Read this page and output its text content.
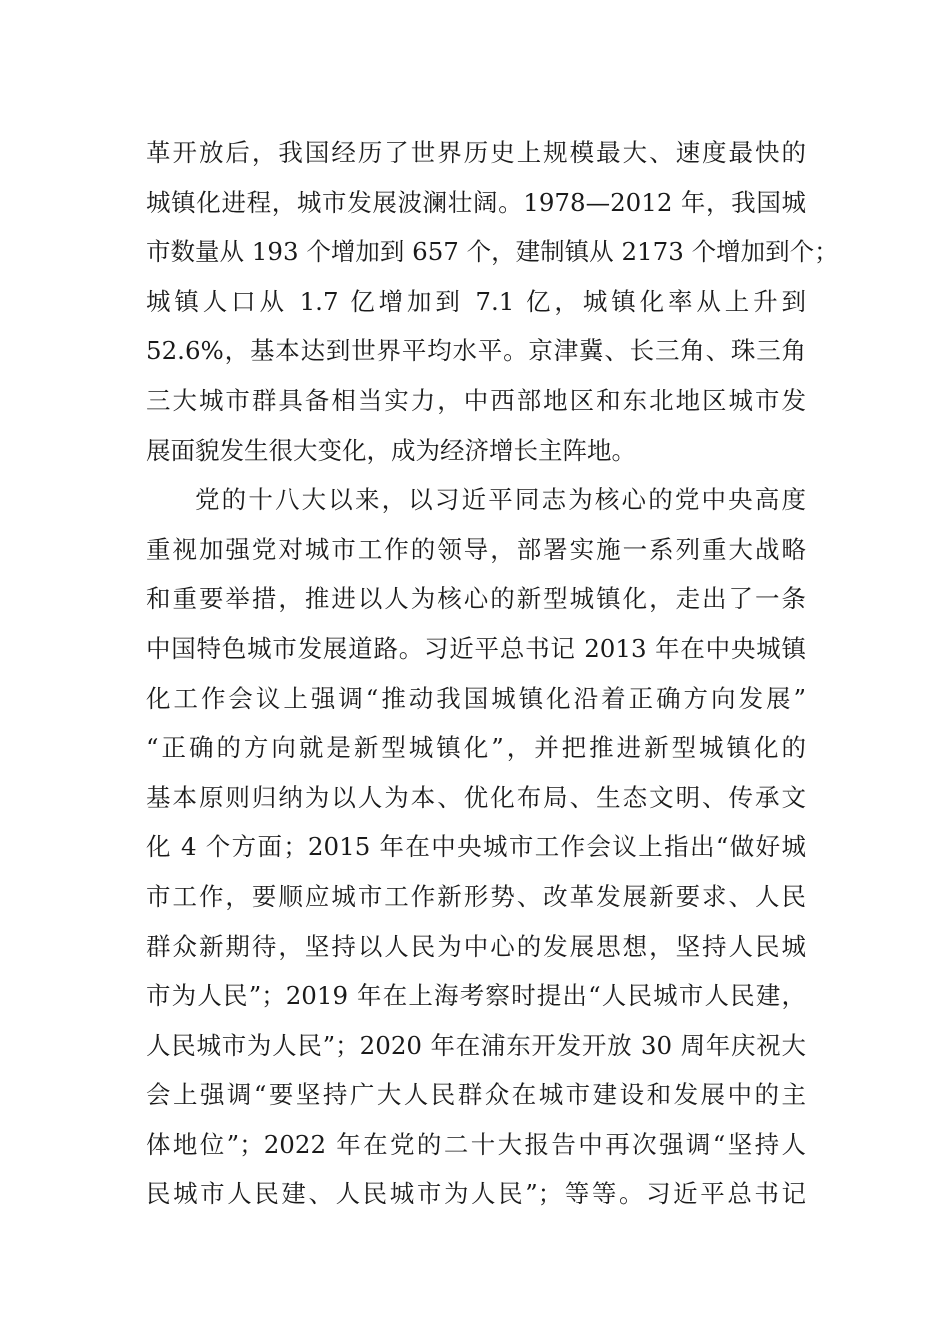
革开放后，我国经历了世界历史上规模最大、速度最快的
城镇化进程，城市发展波澜壮阔。1978—2012 年，我国城
市数量从 193 个增加到 657 个，建制镇从 2173 个增加到个；
城镇人口从 1.7 亿增加到 7.1 亿，城镇化率从上升到
52.6%，基本达到世界平均水平。京津冀、长三角、珠三角
三大城市群具备相当实力，中西部地区和东北地区城市发
展面貌发生很大变化，成为经济增长主阵地。
党的十八大以来，以习近平同志为核心的党中央高度
重视加强党对城市工作的领导，部署实施一系列重大战略
和重要举措，推进以人为核心的新型城镇化，走出了一条
中国特色城市发展道路。习近平总书记 2013 年在中央城镇
化工作会议上强调“推动我国城镇化沿着正确方向发展”
“正确的方向就是新型城镇化”，并把推进新型城镇化的
基本原则归纳为以人为本、优化布局、生态文明、传承文
化 4 个方面；2015 年在中央城市工作会议上指出“做好城
市工作，要顺应城市工作新形势、改革发展新要求、人民
群众新期待，坚持以人民为中心的发展思想，坚持人民城
市为人民”；2019 年在上海考察时提出“人民城市人民建，
人民城市为人民”；2020 年在浦东开发开放 30 周年庆祝大
会上强调“要坚持广大人民群众在城市建设和发展中的主
体地位”；2022 年在党的二十大报告中再次强调“坚持人
民城市人民建、人民城市为人民”；等等。习近平总书记
